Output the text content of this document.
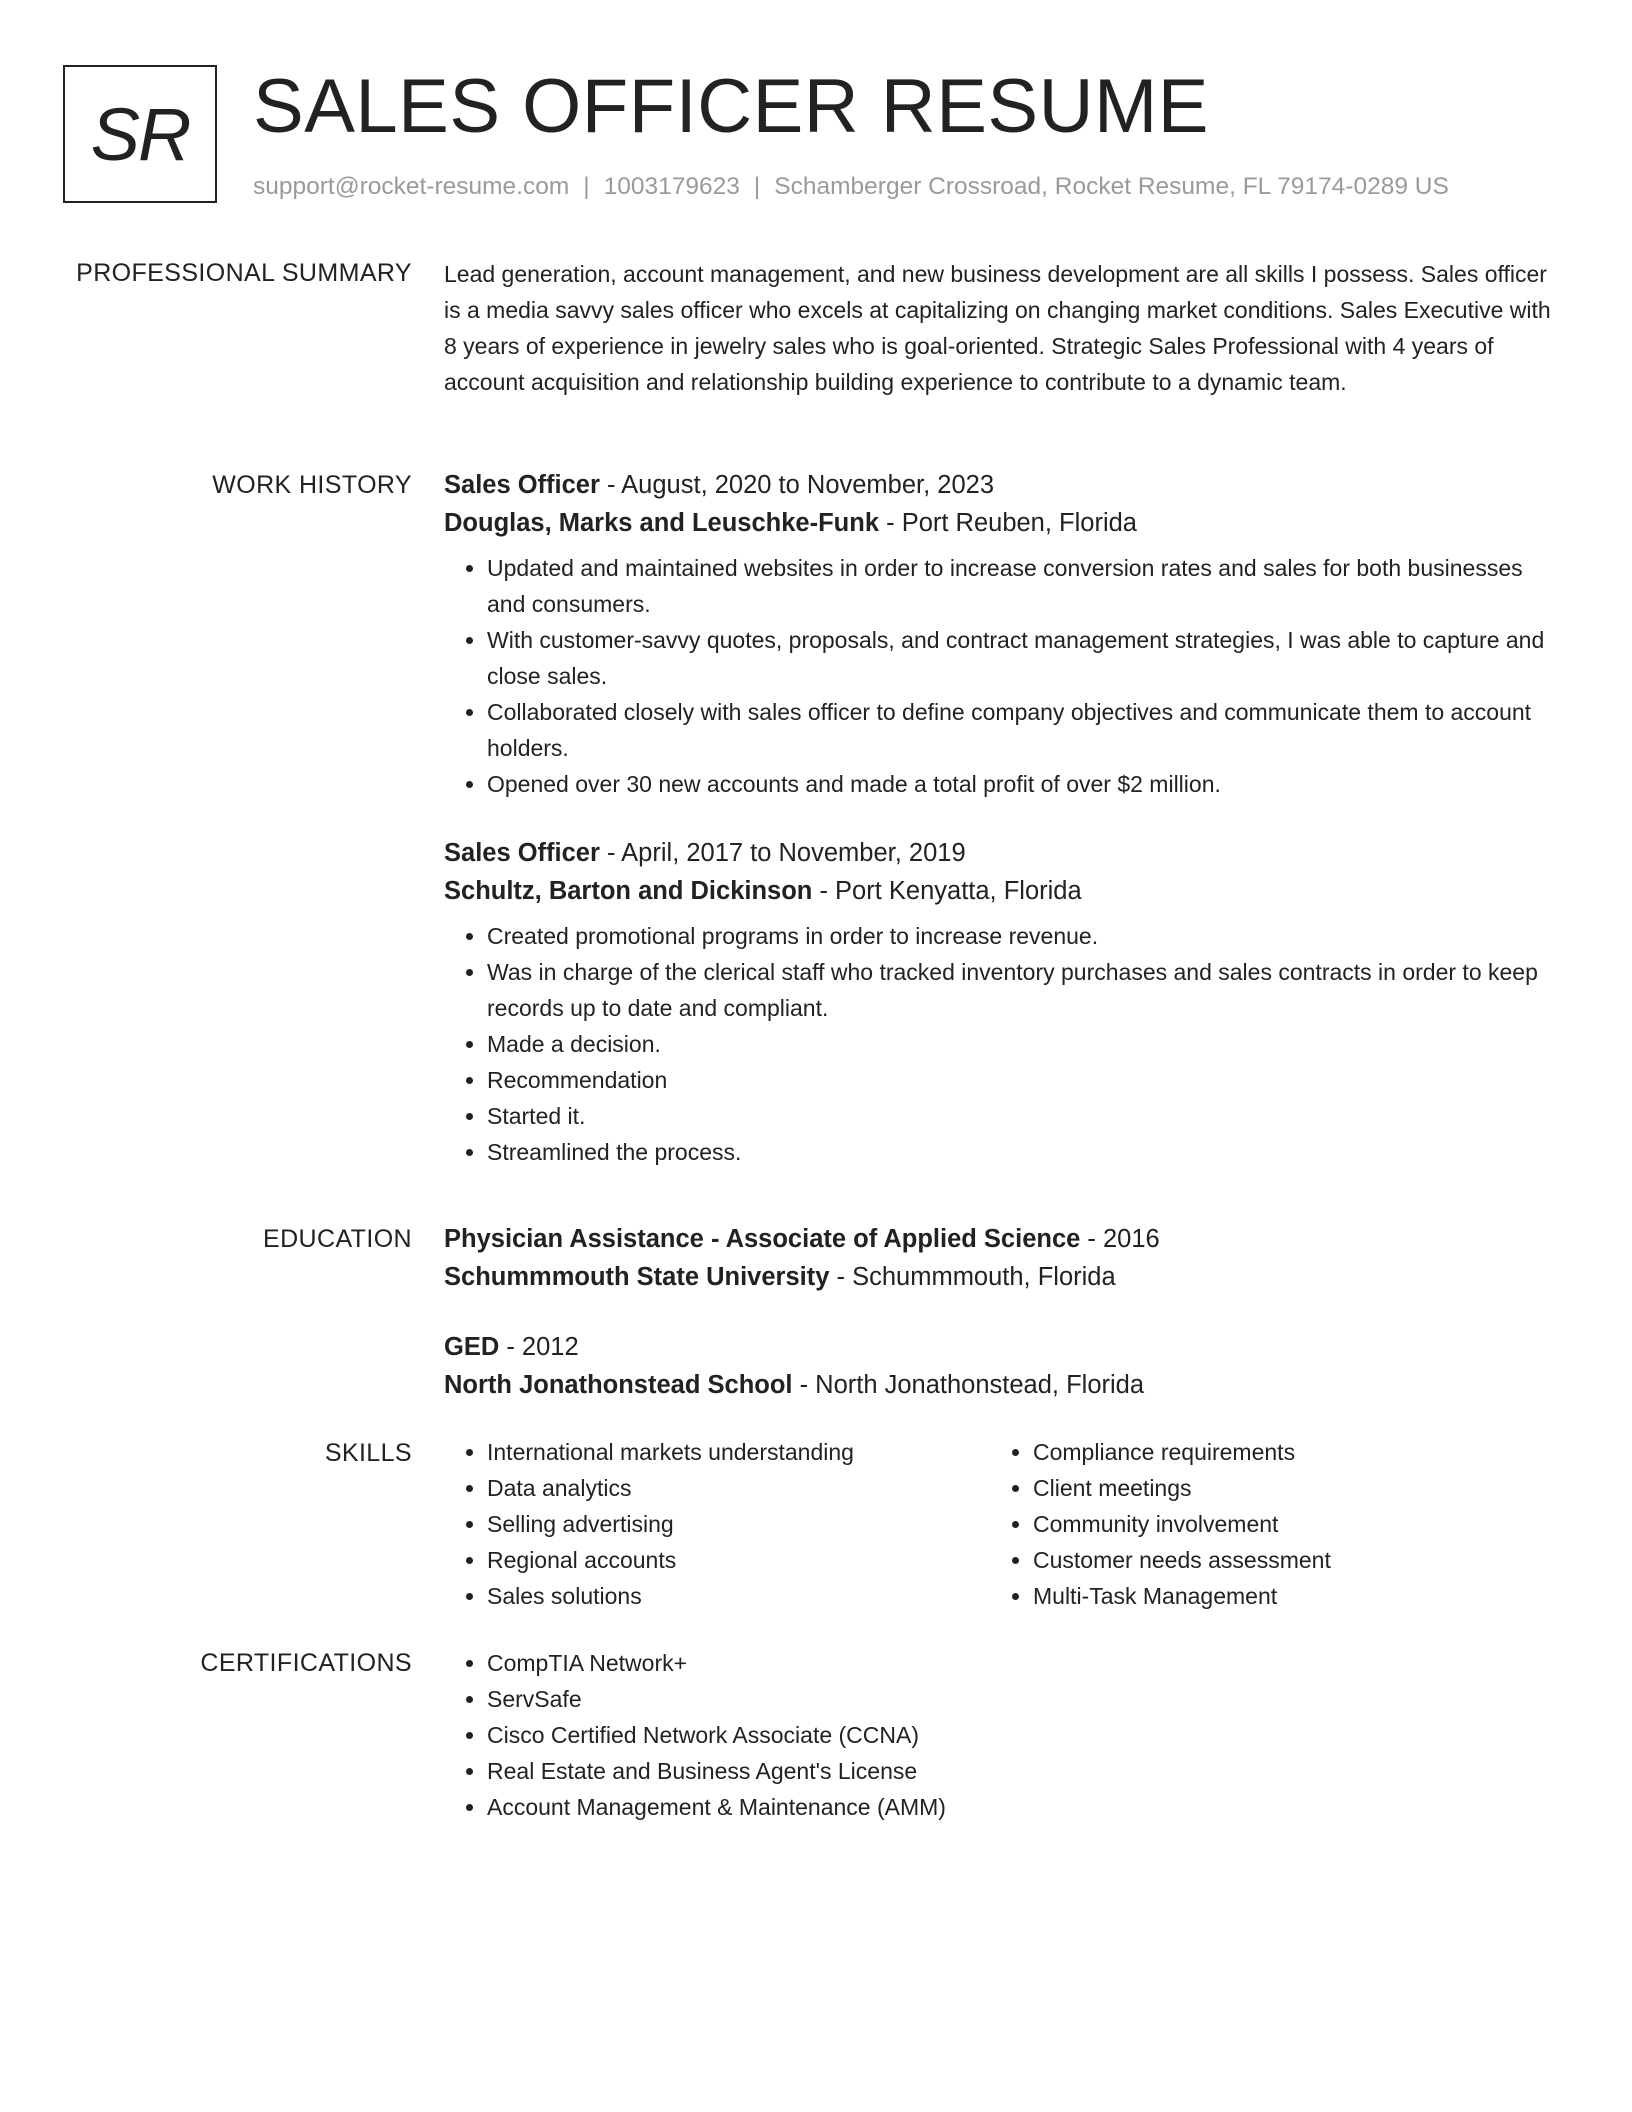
SR SALES OFFICER RESUME
support@rocket-resume.com | 1003179623 | Schamberger Crossroad, Rocket Resume, FL 79174-0289 US
PROFESSIONAL SUMMARY Lead generation, account management, and new business development are all skills I possess. Sales officer is a media savvy sales officer who excels at capitalizing on changing market conditions. Sales Executive with 8 years of experience in jewelry sales who is goal-oriented. Strategic Sales Professional with 4 years of account acquisition and relationship building experience to contribute to a dynamic team.

WORK HISTORY Sales Officer - August, 2020 to November, 2023
Douglas, Marks and Leuschke-Funk - Port Reuben, Florida
• Updated and maintained websites in order to increase conversion rates and sales for both businesses and consumers.
• With customer-savvy quotes, proposals, and contract management strategies, I was able to capture and close sales.
• Collaborated closely with sales officer to define company objectives and communicate them to account holders.
• Opened over 30 new accounts and made a total profit of over $2 million.
Sales Officer - April, 2017 to November, 2019
Schultz, Barton and Dickinson - Port Kenyatta, Florida
• Created promotional programs in order to increase revenue.
• Was in charge of the clerical staff who tracked inventory purchases and sales contracts in order to keep records up to date and compliant.
• Made a decision.
• Recommendation
• Started it.
• Streamlined the process.
EDUCATION Physician Assistance - Associate of Applied Science - 2016
Schummmouth State University - Schummmouth, Florida
GED - 2012
North Jonathonstead School - North Jonathonstead, Florida
SKILLS	• International markets understanding
• Data analytics
• Selling advertising
• Regional accounts
• Sales solutions
• Compliance requirements
• Client meetings
• Community involvement
• Customer needs assessment
• Multi-Task Management
CERTIFICATIONS	• CompTIA Network+
• ServSafe
• Cisco Certified Network Associate (CCNA)
• Real Estate and Business Agent's License
• Account Management & Maintenance (AMM)
